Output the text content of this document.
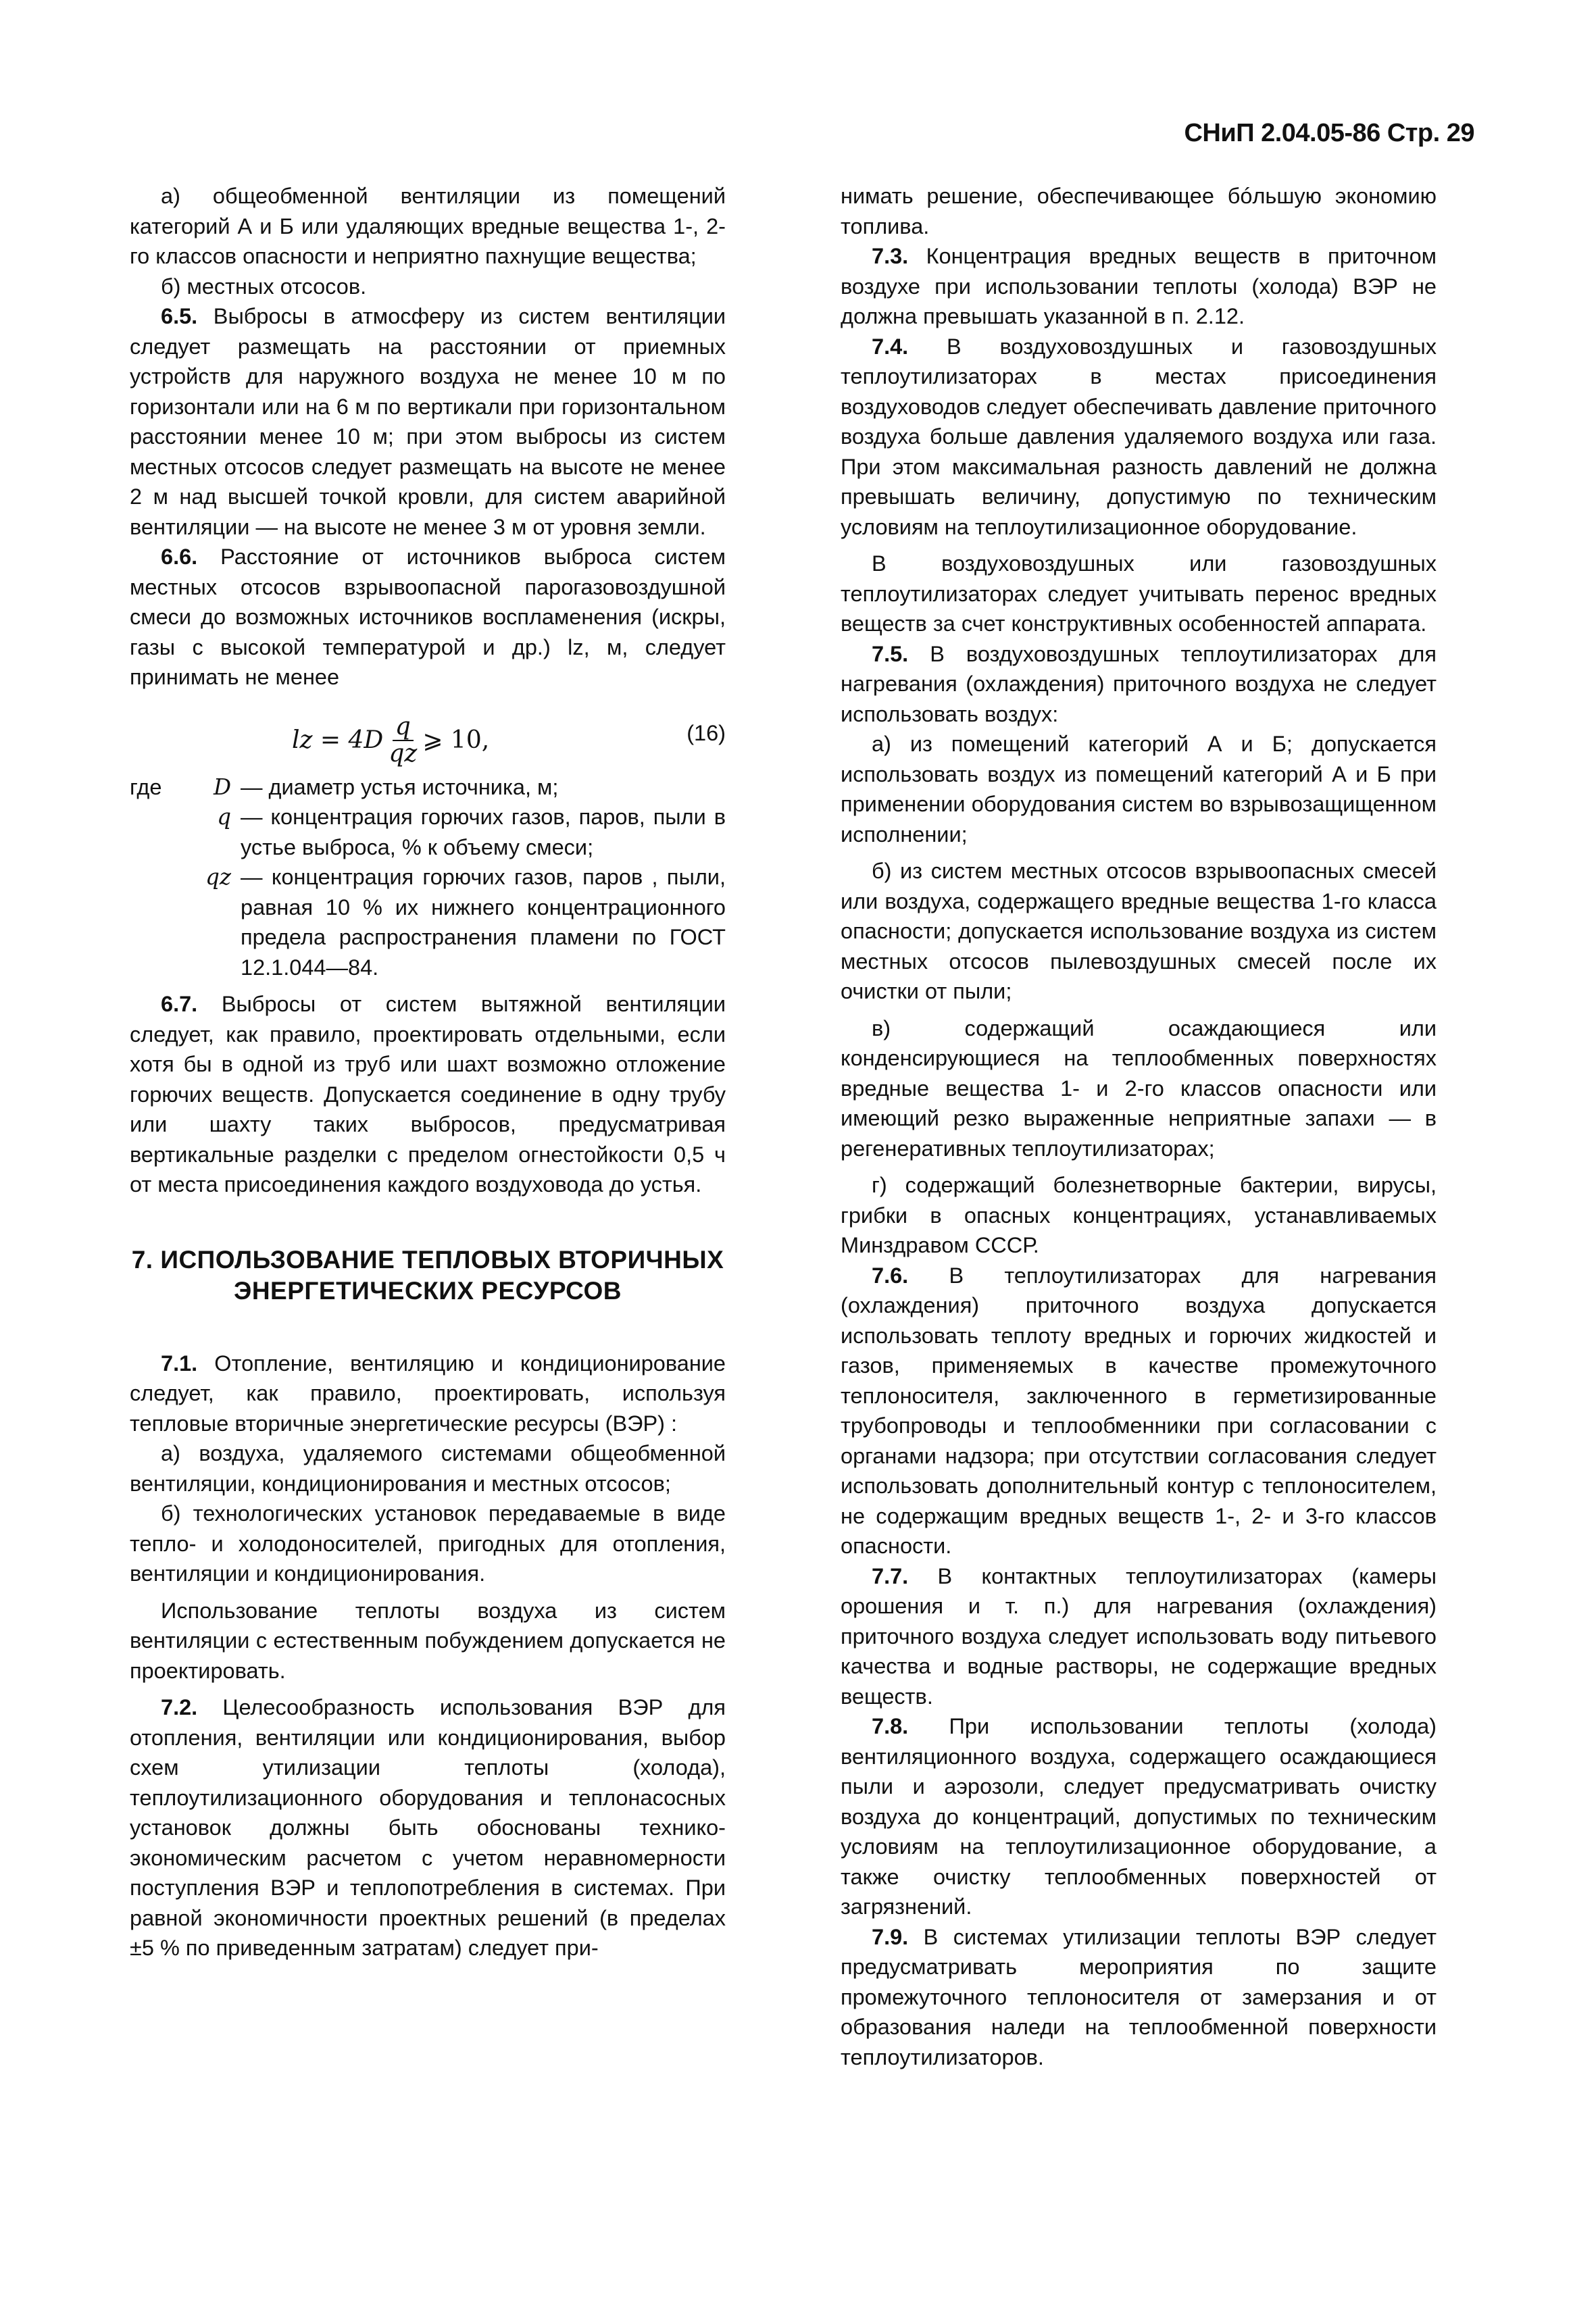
СНиП 2.04.05-86 Стр. 29

а) общеобменной вентиляции из помещений категорий А и Б или удаляющих вредные вещества 1-, 2-го классов опасности и неприятно пахнущие вещества;

б) местных отсосов.

6.5. Выбросы в атмосферу из систем вентиляции следует размещать на расстоянии от приемных устройств для наружного воздуха не менее 10 м по горизонтали или на 6 м по вертикали при горизонтальном расстоянии менее 10 м; при этом выбросы из систем местных отсосов следует размещать на высоте не менее 2 м над высшей точкой кровли, для систем аварийной вентиляции — на высоте не менее 3 м от уровня земли.

6.6. Расстояние от источников выброса систем местных отсосов взрывоопасной парогазовоздушной смеси до возможных источников воспламенения (искры, газы с высокой температурой и др.) lz, м, следует принимать не менее

lz = $4D \frac{q}{qz}$ ⩾ 10,	(16)
где	D — диаметр устья источника, м;
q — концентрация горючих газов, паров, пыли в устье выброса, % к объему смеси;
qz — концентрация горючих газов, паров , пыли, равная 10 % их нижнего концентрационного предела распространения пламени по ГОСТ 12.1.044—84.

6.7. Выбросы от систем вытяжной вентиляции следует, как правило, проектировать отдельными, если хотя бы в одной из труб или шахт возможно отложение горючих веществ. Допускается соединение в одну трубу или шахту таких выбросов, предусматривая вертикальные разделки с пределом огнестойкости 0,5 ч от места присоединения каждого воздуховода до устья.

7. ИСПОЛЬЗОВАНИЕ ТЕПЛОВЫХ ВТОРИЧНЫХ
ЭНЕРГЕТИЧЕСКИХ РЕСУРСОВ

7.1. Отопление, вентиляцию и кондиционирование следует, как правило, проектировать, используя тепловые вторичные энергетические ресурсы (ВЭР) :

а) воздуха, удаляемого системами общеобменной вентиляции, кондиционирования и местных отсосов;

б) технологических установок передаваемые в виде тепло- и холодоносителей, пригодных для отопления, вентиляции и кондиционирования.

Использование теплоты воздуха из систем вентиляции с естественным побуждением допускается не проектировать.

7.2. Целесообразность использования ВЭР для отопления, вентиляции или кондиционирования, выбор схем утилизации теплоты (холода), теплоутилизационного оборудования и теплонасосных установок должны быть обоснованы технико-экономическим расчетом с учетом неравномерности поступления ВЭР и теплопотребления в системах. При равной экономичности проектных решений (в пределах ±5 % по приведенным затратам) следует при-

нимать решение, обеспечивающее бóльшую экономию топлива.

7.3. Концентрация вредных веществ в приточном воздухе при использовании теплоты (холода) ВЭР не должна превышать указанной в п. 2.12.

7.4. В воздуховоздушных и газовоздушных теплоутилизаторах в местах присоединения воздуховодов следует обеспечивать давление приточного воздуха больше давления удаляемого воздуха или газа. При этом максимальная разность давлений не должна превышать величину, допустимую по техническим условиям на теплоутилизационное оборудование.

В воздуховоздушных или газовоздушных теплоутилизаторах следует учитывать перенос вредных веществ за счет конструктивных особенностей аппарата.

7.5. В воздуховоздушных теплоутилизаторах для нагревания (охлаждения) приточного воздуха не следует использовать воздух:

а) из помещений категорий А и Б; допускается использовать воздух из помещений категорий А и Б при применении оборудования систем во взрывозащищенном исполнении;

б) из систем местных отсосов взрывоопасных смесей или воздуха, содержащего вредные вещества 1-го класса опасности; допускается использование воздуха из систем местных отсосов пылевоздушных смесей после их очистки от пыли;

в) содержащий осаждающиеся или конденсирующиеся на теплообменных поверхностях вредные вещества 1- и 2-го классов опасности или имеющий резко выраженные неприятные запахи — в регенеративных теплоутилизаторах;

г) содержащий болезнетворные бактерии, вирусы, грибки в опасных концентрациях, устанавливаемых Минздравом СССР.

7.6. В теплоутилизаторах для нагревания (охлаждения) приточного воздуха допускается использовать теплоту вредных и горючих жидкостей и газов, применяемых в качестве промежуточного теплоносителя, заключенного в герметизированные трубопроводы и теплообменники при согласовании с органами надзора; при отсутствии согласования следует использовать дополнительный контур с теплоносителем, не содержащим вредных веществ 1-, 2- и 3-го классов опасности.

7.7. В контактных теплоутилизаторах (камеры орошения и т. п.) для нагревания (охлаждения) приточного воздуха следует использовать воду питьевого качества и водные растворы, не содержащие вредных веществ.

7.8. При использовании теплоты (холода) вентиляционного воздуха, содержащего осаждающиеся пыли и аэрозоли, следует предусматривать очистку воздуха до концентраций, допустимых по техническим условиям на теплоутилизационное оборудование, а также очистку теплообменных поверхностей от загрязнений.

7.9. В системах утилизации теплоты ВЭР следует предусматривать мероприятия по защите промежуточного теплоносителя от замерзания и от образования наледи на теплообменной поверхности теплоутилизаторов.
